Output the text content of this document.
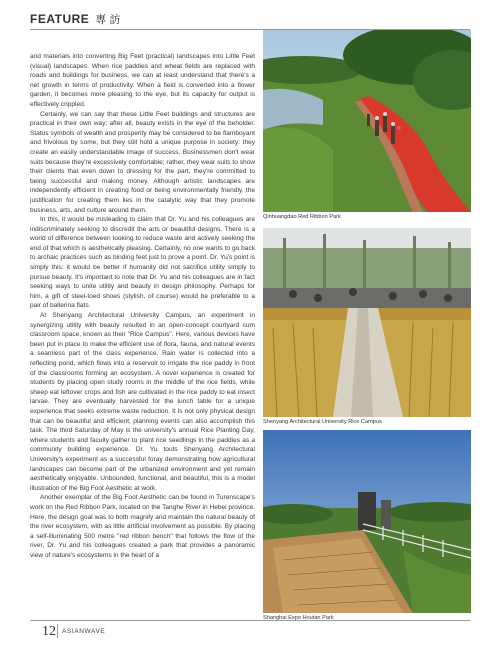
FEATURE 專 訪

and materials into converting Big Feet (practical) landscapes into Little Feet (visual) landscapes. When rice paddies and wheat fields are replaced with roads and buildings for business, we can at least understand that there's a net growth in terms of productivity. When a field is converted into a flower garden, it becomes more pleasing to the eye, but its capacity for output is effectively crippled.

Certainly, we can say that these Little Feet buildings and structures are practical in their own way; after all, beauty exists in the eye of the beholder. Status symbols of wealth and prosperity may be considered to be flamboyant and frivolous by some, but they still hold a unique purpose in society: they create an easily understandable image of success. Businessmen don't wear suits because they're excessively comfortable; rather, they wear suits to show their clients that even down to dressing for the part, they're committed to being successful and making money. Although artistic landscapes are independently efficient in creating food or being environmentally friendly, the justification for creating them lies in the catalytic way that they promote business, arts, and culture around them.

In this, it would be misleading to claim that Dr. Yu and his colleagues are indiscriminately seeking to discredit the arts or beautiful designs. There is a world of difference between looking to reduce waste and actively seeking the end of that which is aesthetically pleasing. Certainly, no one wants to go back to archaic practices such as binding feet just to prove a point. Dr. Yu's point is simply this: it would be better if humanity did not sacrifice utility simply to pursue beauty. It's important to note that Dr. Yu and his colleagues are in fact seeking ways to unite utility and beauty in design philosophy. Perhaps for him, a gift of steel-toed shoes (stylish, of course) would be preferable to a pair of ballerina flats.

At Shenyang Architectural University Campus, an experiment in synergizing utility with beauty resulted in an open-concept courtyard cum classroom space, known as their "Rice Campus". Here, various devices have been put in place to make the efficient use of flora, fauna, and natural events a seamless part of the class experience. Rain water is collected into a reflecting pond, which flows into a reservoir to irrigate the rice paddy in front of the classrooms forming an ecosystem. A novel experience is created for students by placing open study rooms in the middle of the rice fields, while sheep eat leftover crops and fish are cultivated in the rice paddy to eat insect larvae. They are eventually harvested for the lunch table for a unique experience that seeks extreme waste reduction. It is not only physical design that can be beautiful and efficient; planning events can also accomplish this task. The third Saturday of May is the university's annual Rice Planting Day, where students and faculty gather to plant rice seedlings in the paddies as a community building experience. Dr. Yu touts Shenyang Architectural University's experiment as a successful foray demonstrating how agricultural landscapes can become part of the urbanized environment and yet remain aesthetically enjoyable. Unbounded, functional, and beautiful, this is a model illustration of the Big Foot Aesthetic at work.

Another exemplar of the Big Foot Aesthetic can be found in Turenscape's work on the Red Ribbon Park, located on the Tanghe River in Hebei province. Here, the design goal was to both magnify and maintain the natural beauty of the river ecosystem, with as little artificial involvement as possible. By placing a self-illuminating 500 metre "red ribbon bench" that follows the flow of the river, Dr. Yu and his colleagues created a park that provides a panoramic view of nature's ecosystems in the heart of a

Qinhuangdao Red Ribbon Park
Shenyang Architectural University Rice Campus
Shanghai Expo Houtan Park
12 ASIANWAVE
